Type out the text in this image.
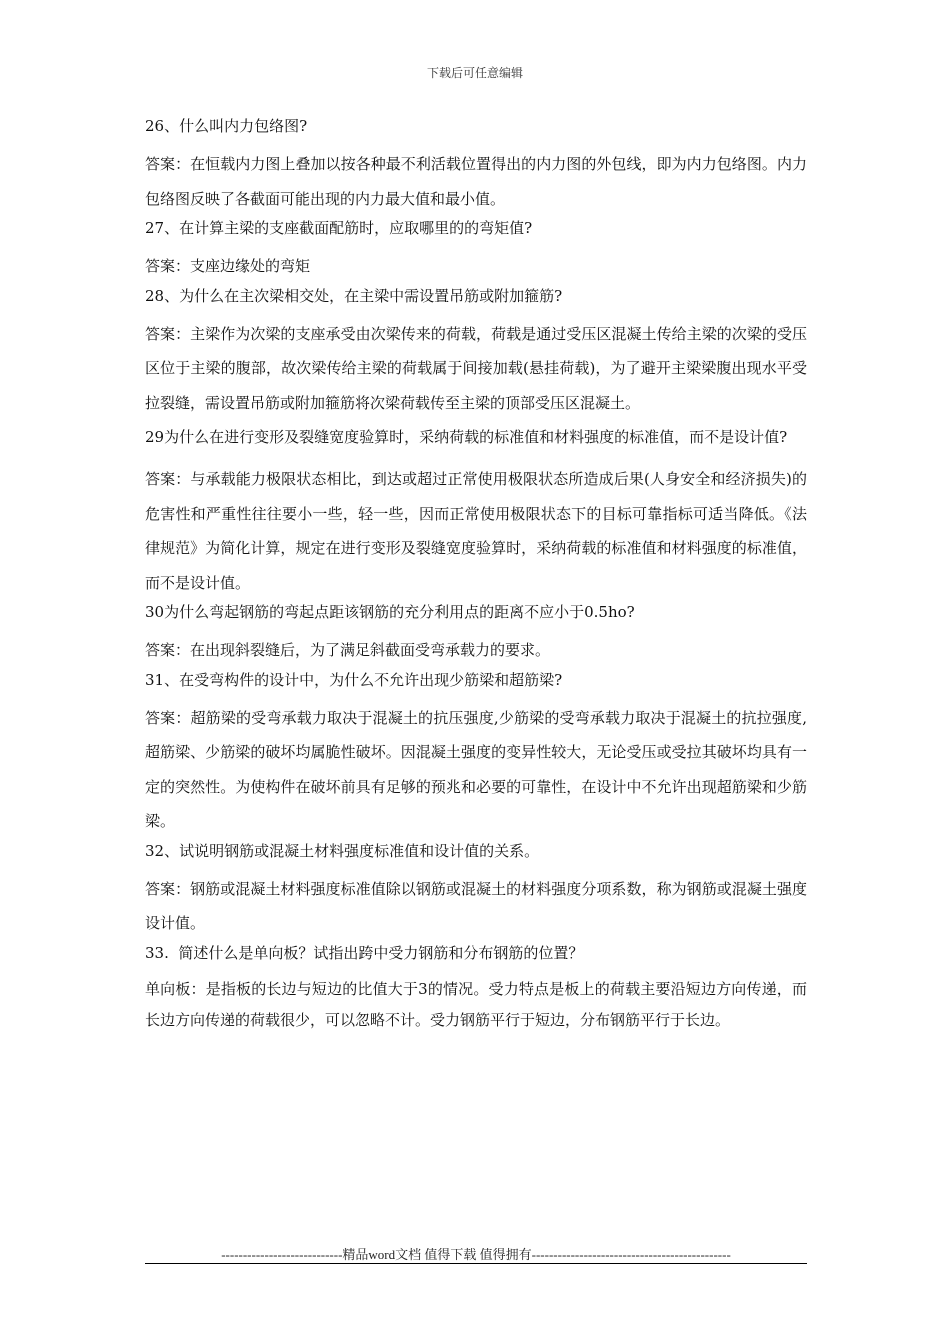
下载后可任意编辑
26、什么叫内力包络图?
答案：在恒载内力图上叠加以按各种最不利活载位置得出的内力图的外包线，即为内力包络图。内力包络图反映了各截面可能出现的内力最大值和最小值。
27、在计算主梁的支座截面配筋时，应取哪里的的弯矩值?
答案：支座边缘处的弯矩
28、为什么在主次梁相交处，在主梁中需设置吊筋或附加箍筋?
答案：主梁作为次梁的支座承受由次梁传来的荷载，荷载是通过受压区混凝土传给主梁的次梁的受压区位于主梁的腹部，故次梁传给主梁的荷载属于间接加载(悬挂荷载)，为了避开主梁梁腹出现水平受拉裂缝，需设置吊筋或附加箍筋将次梁荷载传至主梁的顶部受压区混凝土。
29为什么在进行变形及裂缝宽度验算时，采纳荷载的标准值和材料强度的标准值，而不是设计值?
答案：与承载能力极限状态相比，到达或超过正常使用极限状态所造成后果(人身安全和经济损失)的危害性和严重性往往要小一些，轻一些，因而正常使用极限状态下的目标可靠指标可适当降低。《法律规范》为简化计算，规定在进行变形及裂缝宽度验算时，采纳荷载的标准值和材料强度的标准值，而不是设计值。
30为什么弯起钢筋的弯起点距该钢筋的充分利用点的距离不应小于0.5ho?
答案：在出现斜裂缝后，为了满足斜截面受弯承载力的要求。
31、在受弯构件的设计中，为什么不允许出现少筋梁和超筋梁?
答案：超筋梁的受弯承载力取决于混凝土的抗压强度,少筋梁的受弯承载力取决于混凝土的抗拉强度,超筋梁、少筋梁的破坏均属脆性破坏。因混凝土强度的变异性较大，无论受压或受拉其破坏均具有一定的突然性。为使构件在破坏前具有足够的预兆和必要的可靠性，在设计中不允许出现超筋梁和少筋梁。
32、试说明钢筋或混凝土材料强度标准值和设计值的关系。
答案：钢筋或混凝土材料强度标准值除以钢筋或混凝土的材料强度分项系数，称为钢筋或混凝土强度设计值。
33.  简述什么是单向板？试指出跨中受力钢筋和分布钢筋的位置？
单向板：是指板的长边与短边的比值大于3的情况。受力特点是板上的荷载主要沿短边方向传递，而长边方向传递的荷载很少，可以忽略不计。受力钢筋平行于短边，分布钢筋平行于长边。
----------------------------精品word文档 值得下载 值得拥有----------------------------------------------
